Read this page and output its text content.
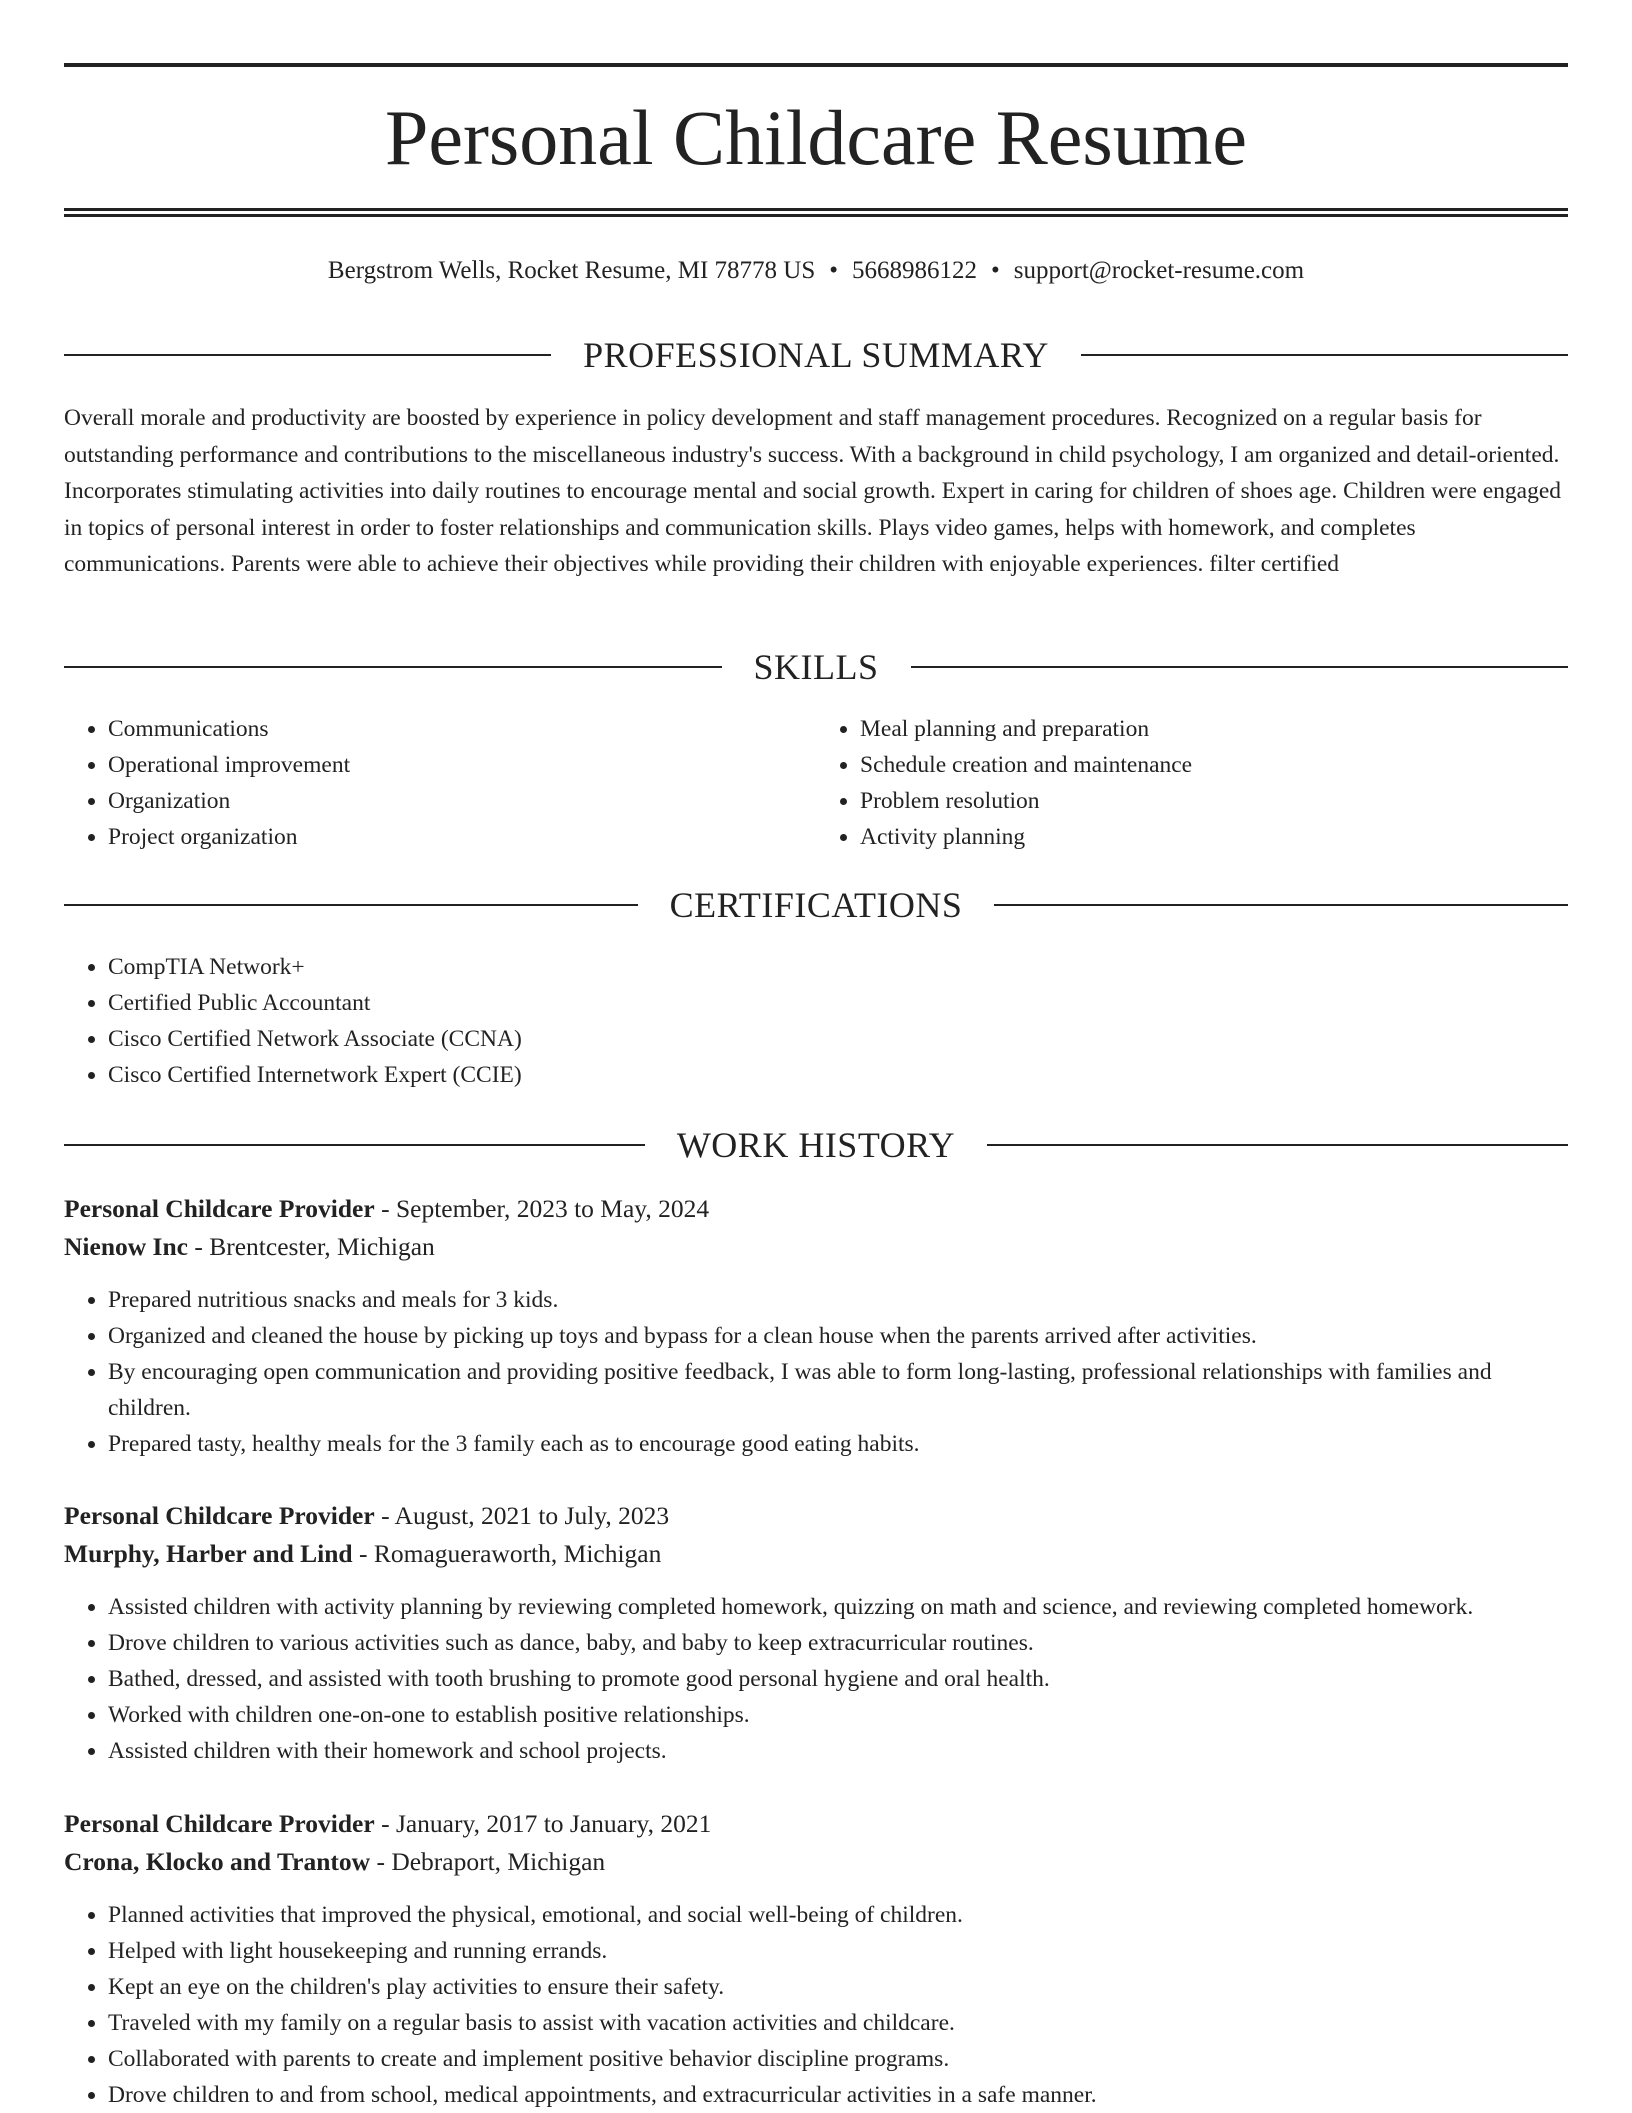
Personal Childcare Resume
Bergstrom Wells, Rocket Resume, MI 78778 US • 5668986122 • support@rocket-resume.com
PROFESSIONAL SUMMARY

Overall morale and productivity are boosted by experience in policy development and staff management procedures. Recognized on a regular basis for outstanding performance and contributions to the miscellaneous industry's success. With a background in child psychology, I am organized and detail-oriented. Incorporates stimulating activities into daily routines to encourage mental and social growth. Expert in caring for children of shoes age. Children were engaged in topics of personal interest in order to foster relationships and communication skills. Plays video games, helps with homework, and completes communications. Parents were able to achieve their objectives while providing their children with enjoyable experiences. filter certified

SKILLS
• Communications
• Operational improvement
• Organization
• Project organization
• Meal planning and preparation
• Schedule creation and maintenance
• Problem resolution
• Activity planning
CERTIFICATIONS
• CompTIA Network+
• Certified Public Accountant
• Cisco Certified Network Associate (CCNA)
• Cisco Certified Internetwork Expert (CCIE)
WORK HISTORY
Personal Childcare Provider - September, 2023 to May, 2024
Nienow Inc - Brentcester, Michigan
• Prepared nutritious snacks and meals for 3 kids.
• Organized and cleaned the house by picking up toys and bypass for a clean house when the parents arrived after activities.
• By encouraging open communication and providing positive feedback, I was able to form long-lasting, professional relationships with families and children.
• Prepared tasty, healthy meals for the 3 family each as to encourage good eating habits.
Personal Childcare Provider - August, 2021 to July, 2023
Murphy, Harber and Lind - Romagueraworth, Michigan
• Assisted children with activity planning by reviewing completed homework, quizzing on math and science, and reviewing completed homework.
• Drove children to various activities such as dance, baby, and baby to keep extracurricular routines.
• Bathed, dressed, and assisted with tooth brushing to promote good personal hygiene and oral health.
• Worked with children one-on-one to establish positive relationships.
• Assisted children with their homework and school projects.
Personal Childcare Provider - January, 2017 to January, 2021
Crona, Klocko and Trantow - Debraport, Michigan
• Planned activities that improved the physical, emotional, and social well-being of children.
• Helped with light housekeeping and running errands.
• Kept an eye on the children's play activities to ensure their safety.
• Traveled with my family on a regular basis to assist with vacation activities and childcare.
• Collaborated with parents to create and implement positive behavior discipline programs.
• Drove children to and from school, medical appointments, and extracurricular activities in a safe manner.
